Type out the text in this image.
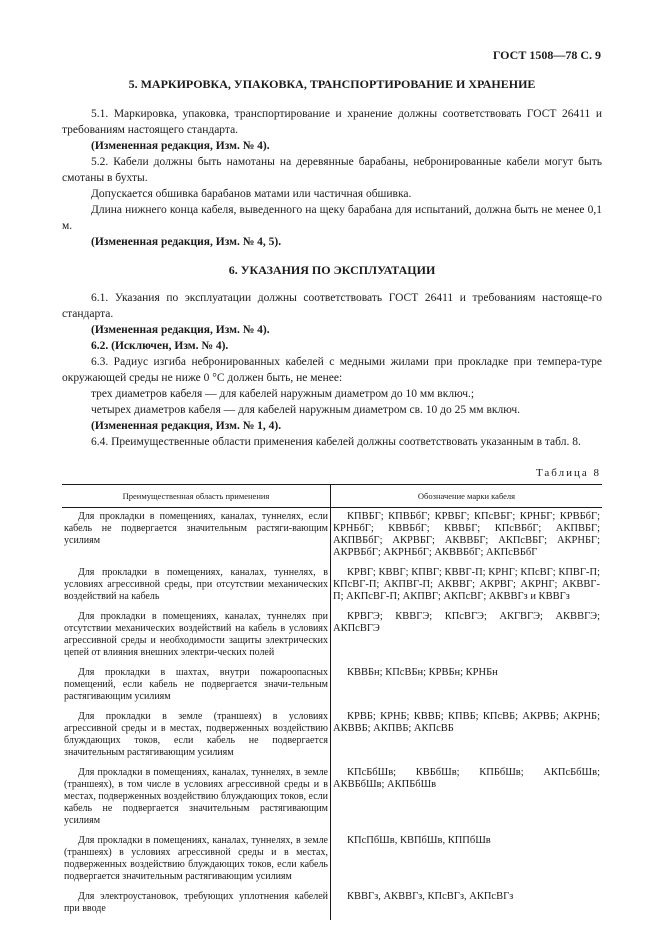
ГОСТ 1508—78 С. 9
5. МАРКИРОВКА, УПАКОВКА, ТРАНСПОРТИРОВАНИЕ И ХРАНЕНИЕ

5.1. Маркировка, упаковка, транспортирование и хранение должны соответствовать ГОСТ 26411 и требованиям настоящего стандарта.

(Измененная редакция, Изм. № 4).

5.2. Кабели должны быть намотаны на деревянные барабаны, небронированные кабели могут быть смотаны в бухты.

Допускается обшивка барабанов матами или частичная обшивка.

Длина нижнего конца кабеля, выведенного на щеку барабана для испытаний, должна быть не менее 0,1 м.

(Измененная редакция, Изм. № 4, 5).

6. УКАЗАНИЯ ПО ЭКСПЛУАТАЦИИ

6.1. Указания по эксплуатации должны соответствовать ГОСТ 26411 и требованиям настояще-го стандарта.

(Измененная редакция, Изм. № 4).

6.2. (Исключен, Изм. № 4).

6.3. Радиус изгиба небронированных кабелей с медными жилами при прокладке при темпера-туре окружающей среды не ниже 0 °С должен быть, не менее:

трех диаметров кабеля — для кабелей наружным диаметром до 10 мм включ.;

четырех диаметров кабеля — для кабелей наружным диаметром св. 10 до 25 мм включ.

(Измененная редакция, Изм. № 1, 4).

6.4. Преимущественные области применения кабелей должны соответствовать указанным в табл. 8.

Таблица 8
Преимущественная область применения	Обозначение марки кабеля
Для прокладки в помещениях, каналах, туннелях, если кабель не подвергается значительным растяги-вающим усилиям	КПВБГ; КПВБбГ; КРВБГ; КПсВБГ; КРНБГ; КРВБбГ; КРНБбГ; КВВБбГ; КВВБГ; КПсВБбГ; АКПВБГ; АКПВБбГ; АКРВБГ; АКВВБГ; АКПсВБГ; АКРНБГ; АКРВБбГ; АКРНБбГ; АКВВБбГ; АКПсВБбГ
Для прокладки в помещениях, каналах, туннелях, в условиях агрессивной среды, при отсутствии механических воздействий на кабель	КРВГ; КВВГ; КПВГ; КВВГ-П; КРНГ; КПсВГ; КПВГ-П; КПсВГ-П; АКПВГ-П; АКВВГ; АКРВГ; АКРНГ; АКВВГ-П; АКПсВГ-П; АКПВГ; АКПсВГ; АКВВГз и КВВГз
Для прокладки в помещениях, каналах, туннелях при отсутствии механических воздействий на кабель в условиях агрессивной среды и необходимости защиты электрических цепей от влияния внешних электри-ческих полей	КРВГЭ; КВВГЭ; КПсВГЭ; АКГВГЭ; АКВВГЭ; АКПсВГЭ
Для прокладки в шахтах, внутри пожароопасных помещений, если кабель не подвергается значи-тельным растягивающим усилиям	КВВБн; КПсВБн; КРВБн; КРНБн
Для прокладки в земле (траншеях) в условиях агрессивной среды и в местах, подверженных воздействию блуждающих токов, если кабель не подвергается значительным растягивающим усилиям	КРВБ; КРНБ; КВВБ; КПВБ; КПсВБ; АКРВБ; АКРНБ; АКВВБ; АКПВБ; АКПсВБ
Для прокладки в помещениях, каналах, туннелях, в земле (траншеях), в том числе в условиях агрессивной среды и в местах, подверженных воздействию блуждающих токов, если кабель не подвергается значительным растягивающим усилиям	КПсБбШв; КВБбШв; КПБбШв; АКПсБбШв; АКВБбШв; АКПБбШв
Для прокладки в помещениях, каналах, туннелях, в земле (траншеях) в условиях агрессивной среды и в местах, подверженных воздействию блуждающих токов, если кабель подвергается значительным растягивающим усилиям	КПсПбШв, КВПбШв, КППбШв
Для электроустановок, требующих уплотнения кабелей при вводе	КВВГз, АКВВГз, КПсВГз, АКПсВГз
